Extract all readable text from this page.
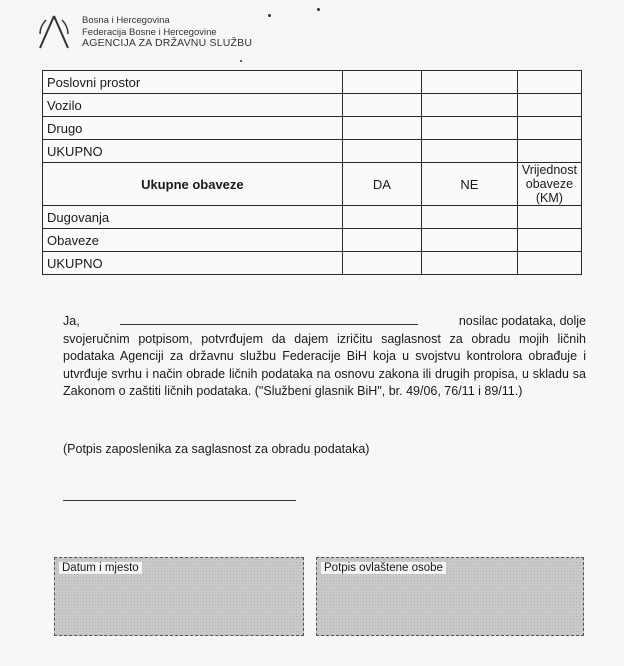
Bosna i Hercegovina
Federacija Bosne i Hercegovine
AGENCIJA ZA DRŽAVNU SLUŽBU
Poslovni prostor			
Vozilo			
Drugo			
UKUPNO			
Ukupne obaveze	DA	NE	Vrijednost obaveze (KM)
Dugovanja			
Obaveze			
UKUPNO			
Ja,	nosilac podataka, dolje
svojeručnim potpisom, potvrđujem da dajem izričitu saglasnost za obradu mojih ličnih podataka Agenciji za državnu službu Federacije BiH koja u svojstvu kontrolora obrađuje i utvrđuje svrhu i način obrade ličnih podataka na osnovu zakona ili drugih propisa, u skladu sa Zakonom o zaštiti ličnih podataka. ("Službeni glasnik BiH", br. 49/06, 76/11 i 89/11.)
(Potpis zaposlenika za saglasnost za obradu podataka)
Datum i mjesto	Potpis ovlaštene osobe
